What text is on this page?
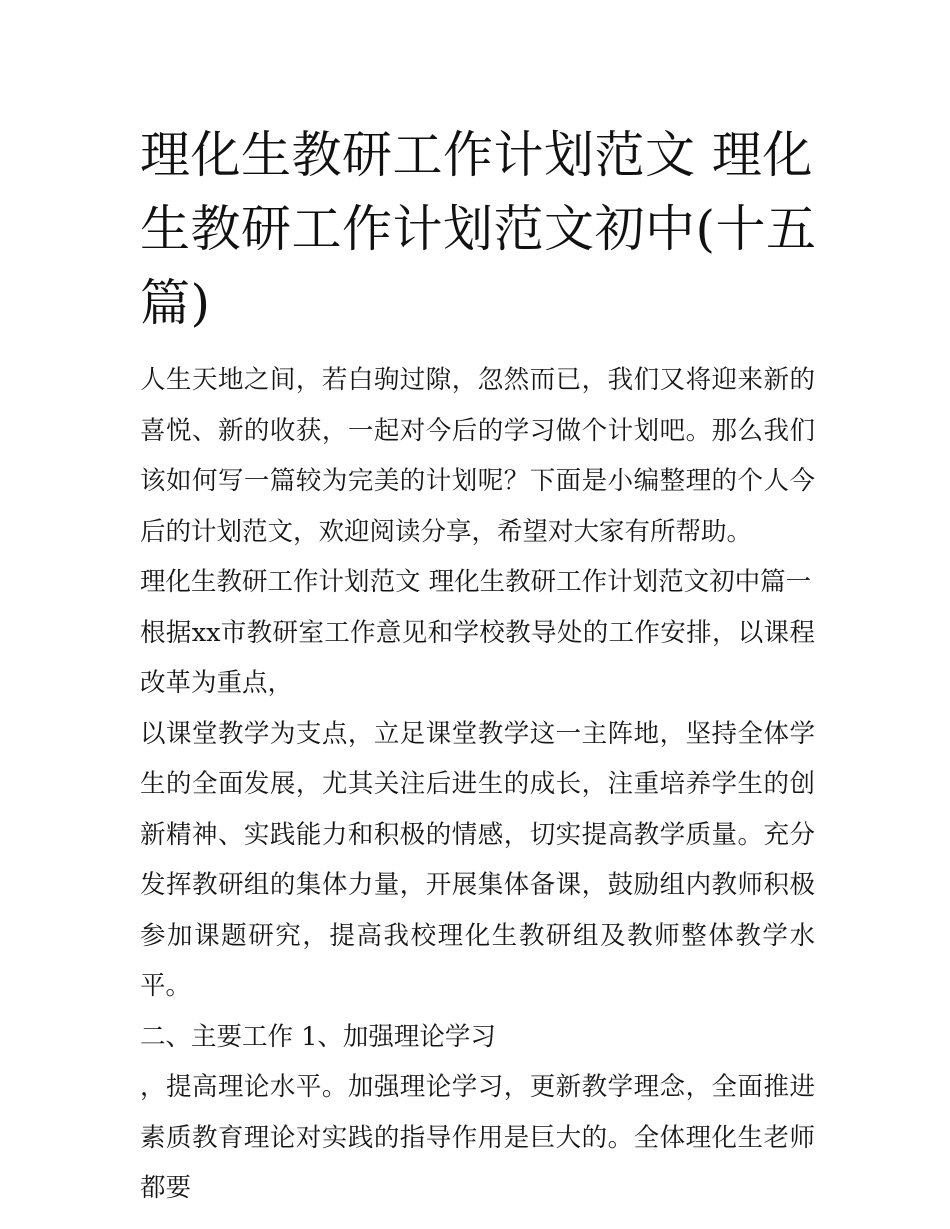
理化生教研工作计划范文 理化生教研工作计划范文初中(十五篇)

人生天地之间，若白驹过隙，忽然而已，我们又将迎来新的喜悦、新的收获，一起对今后的学习做个计划吧。那么我们该如何写一篇较为完美的计划呢？下面是小编整理的个人今后的计划范文，欢迎阅读分享，希望对大家有所帮助。

理化生教研工作计划范文 理化生教研工作计划范文初中篇一

根据xx市教研室工作意见和学校教导处的工作安排，以课程改革为重点，

以课堂教学为支点，立足课堂教学这一主阵地，坚持全体学生的全面发展，尤其关注后进生的成长，注重培养学生的创新精神、实践能力和积极的情感，切实提高教学质量。充分发挥教研组的集体力量，开展集体备课，鼓励组内教师积极参加课题研究，提高我校理化生教研组及教师整体教学水平。

二、主要工作 1、加强理论学习

，提高理论水平。加强理论学习，更新教学理念，全面推进素质教育理论对实践的指导作用是巨大的。全体理化生老师都要
